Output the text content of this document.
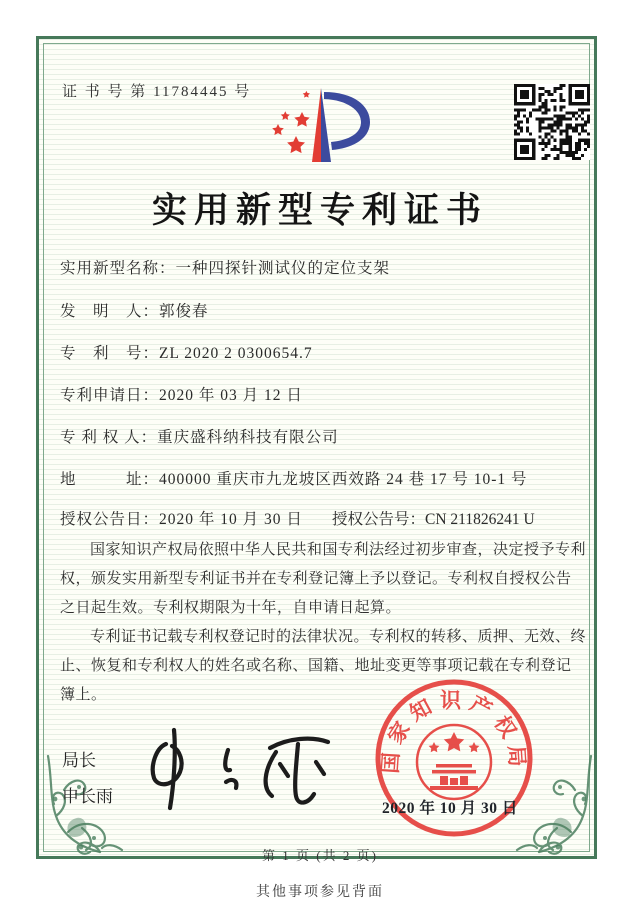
证 书 号 第 11784445 号
实用新型专利证书
实用新型名称：一种四探针测试仪的定位支架
发　明　人：郭俊春
专　利　号：ZL 2020 2 0300654.7
专利申请日：2020 年 03 月 12 日
专 利 权 人：重庆盛科纳科技有限公司
地　　　址：400000 重庆市九龙坡区西效路 24 巷 17 号 10-1 号
授权公告日：2020 年 10 月 30 日 授权公告号：CN 211826241 U

国家知识产权局依照中华人民共和国专利法经过初步审查，决定授予专利权，颁发实用新型专利证书并在专利登记簿上予以登记。专利权自授权公告之日起生效。专利权期限为十年，自申请日起算。

专利证书记载专利权登记时的法律状况。专利权的转移、质押、无效、终止、恢复和专利权人的姓名或名称、国籍、地址变更等事项记载在专利登记簿上。

局长
申长雨
国家知识产权局
2020 年 10 月 30 日
第 1 页 (共 2 页)
其他事项参见背面
